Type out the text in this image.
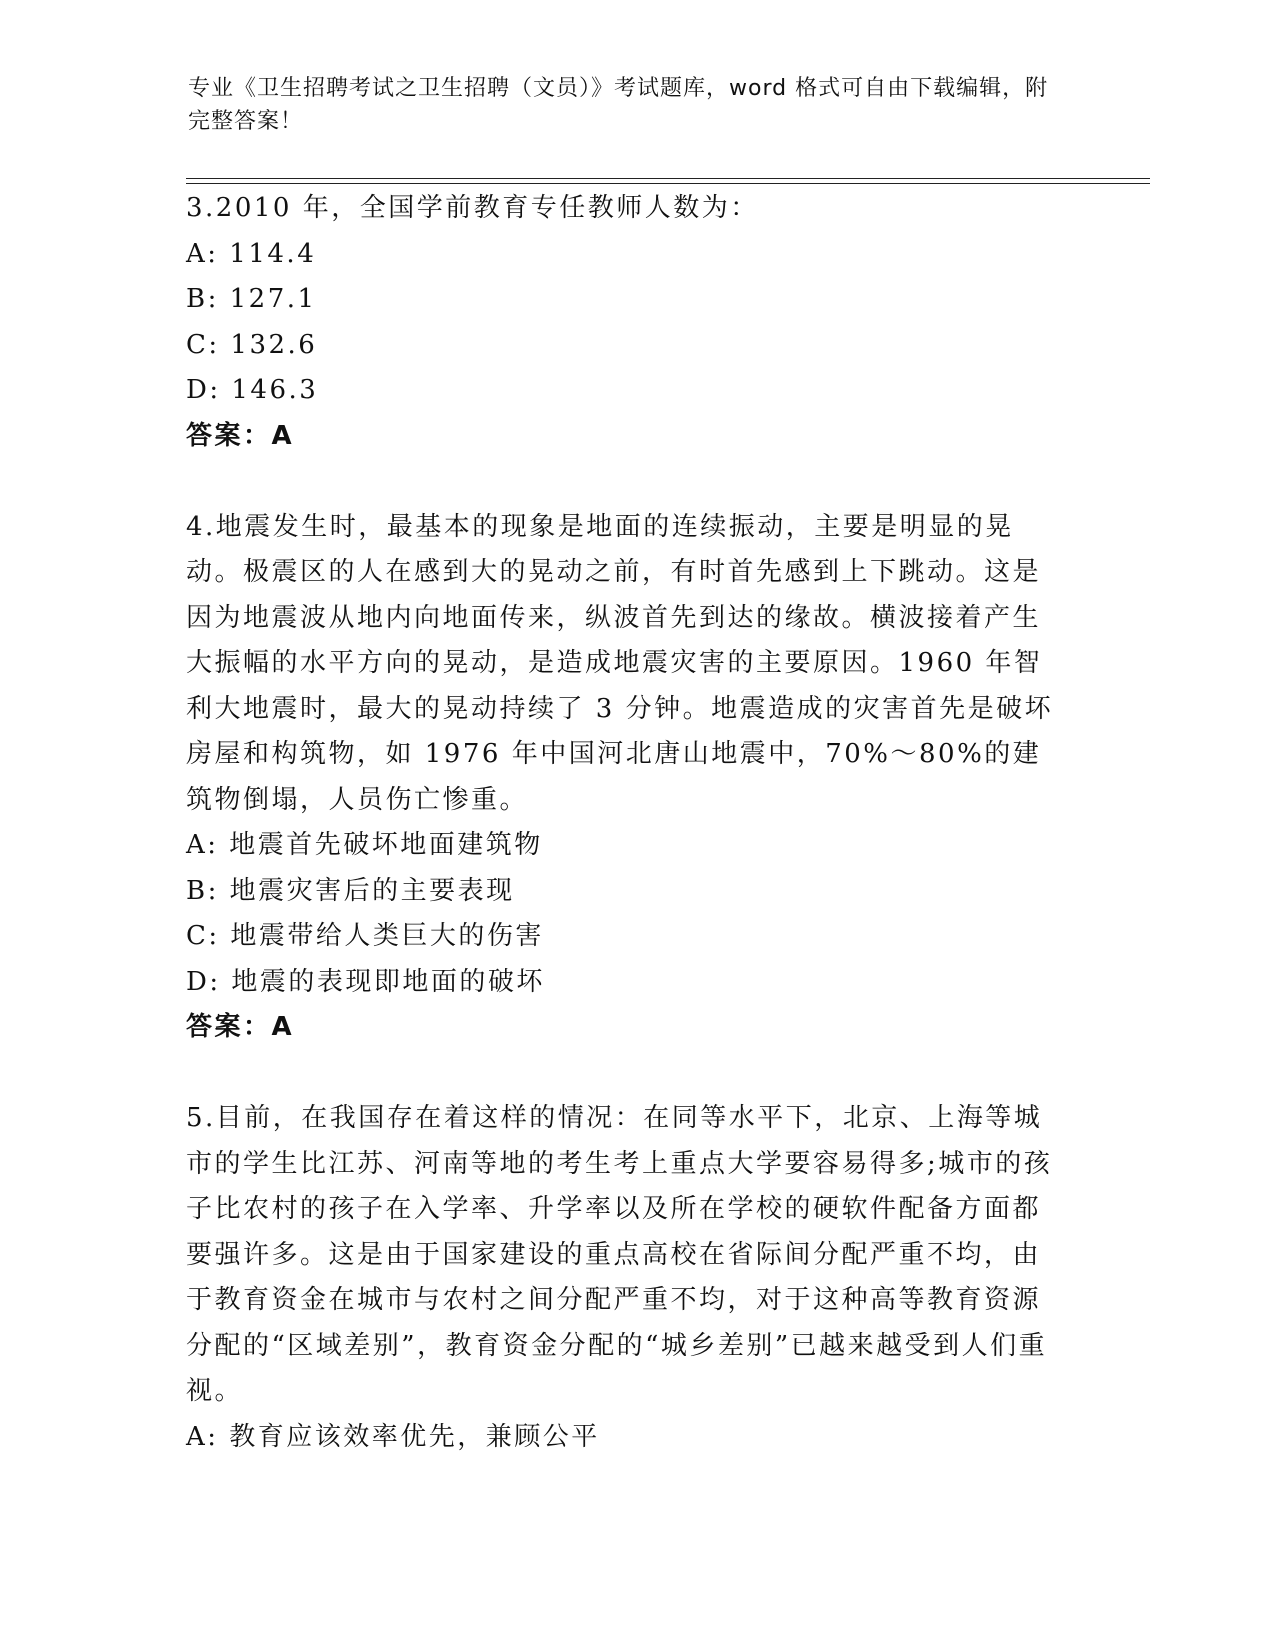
专业《卫生招聘考试之卫生招聘（文员）》考试题库，word 格式可自由下载编辑，附完整答案！

3.2010 年，全国学前教育专任教师人数为：

A: 114.4

B: 127.1

C: 132.6

D: 146.3

答案：A

4.地震发生时，最基本的现象是地面的连续振动，主要是明显的晃动。极震区的人在感到大的晃动之前，有时首先感到上下跳动。这是因为地震波从地内向地面传来，纵波首先到达的缘故。横波接着产生大振幅的水平方向的晃动，是造成地震灾害的主要原因。1960 年智利大地震时，最大的晃动持续了 3 分钟。地震造成的灾害首先是破坏房屋和构筑物，如 1976 年中国河北唐山地震中，70%～80%的建筑物倒塌，人员伤亡惨重。

A: 地震首先破坏地面建筑物

B: 地震灾害后的主要表现

C: 地震带给人类巨大的伤害

D: 地震的表现即地面的破坏

答案：A

5.目前，在我国存在着这样的情况：在同等水平下，北京、上海等城市的学生比江苏、河南等地的考生考上重点大学要容易得多;城市的孩子比农村的孩子在入学率、升学率以及所在学校的硬软件配备方面都要强许多。这是由于国家建设的重点高校在省际间分配严重不均，由于教育资金在城市与农村之间分配严重不均，对于这种高等教育资源分配的“区域差别”，教育资金分配的“城乡差别”已越来越受到人们重视。

A: 教育应该效率优先，兼顾公平
